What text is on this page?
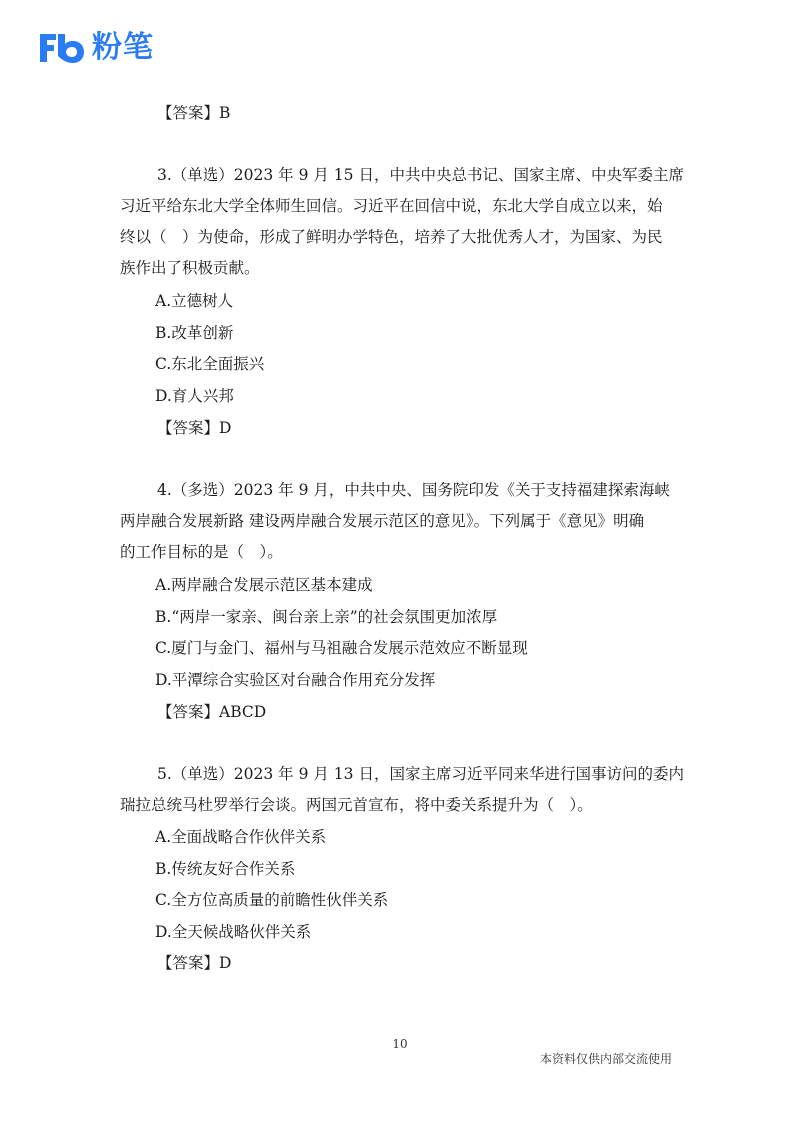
粉笔
【答案】B
3.（单选）2023 年 9 月 15 日，中共中央总书记、国家主席、中央军委主席
习近平给东北大学全体师生回信。习近平在回信中说，东北大学自成立以来，始
终以（　）为使命，形成了鲜明办学特色，培养了大批优秀人才，为国家、为民
族作出了积极贡献。
A.立德树人
B.改革创新
C.东北全面振兴
D.育人兴邦
【答案】D
4.（多选）2023 年 9 月，中共中央、国务院印发《关于支持福建探索海峡
两岸融合发展新路 建设两岸融合发展示范区的意见》。下列属于《意见》明确
的工作目标的是（　）。
A.两岸融合发展示范区基本建成
B.“两岸一家亲、闽台亲上亲”的社会氛围更加浓厚
C.厦门与金门、福州与马祖融合发展示范效应不断显现
D.平潭综合实验区对台融合作用充分发挥
【答案】ABCD
5.（单选）2023 年 9 月 13 日，国家主席习近平同来华进行国事访问的委内
瑞拉总统马杜罗举行会谈。两国元首宣布，将中委关系提升为（　）。
A.全面战略合作伙伴关系
B.传统友好合作关系
C.全方位高质量的前瞻性伙伴关系
D.全天候战略伙伴关系
【答案】D
10
本资料仅供内部交流使用
